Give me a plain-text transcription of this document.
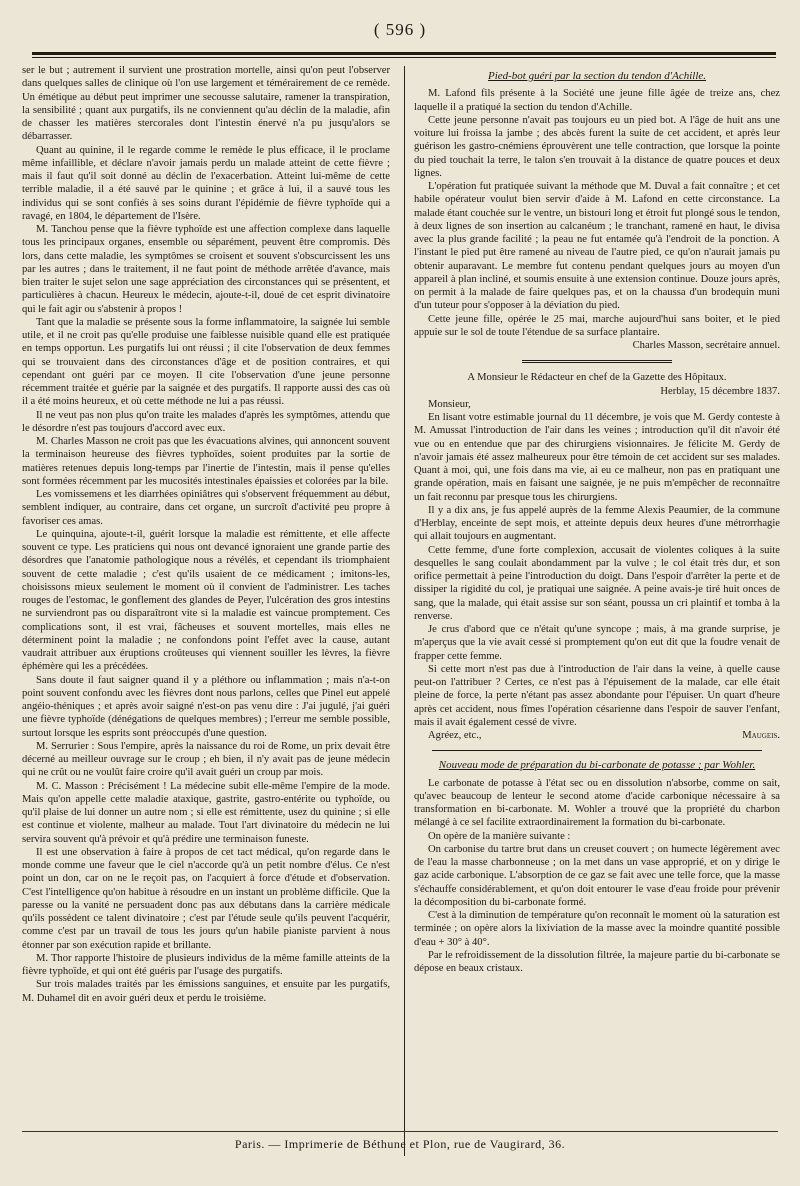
( 596 )

ser le but ; autrement il survient une prostration mortelle, ainsi qu'on peut l'observer dans quelques salles de clinique où l'on use largement et témérairement de ce remède. Un émétique au début peut imprimer une secousse salutaire, ramener la transpiration, la sensibilité ; quant aux purgatifs, ils ne conviennent qu'au déclin de la maladie, afin de chasser les matières stercorales dont l'intestin énervé n'a pu jusqu'alors se débarrasser.

Quant au quinine, il le regarde comme le remède le plus efficace, il le proclame même infaillible, et déclare n'avoir jamais perdu un malade atteint de cette fièvre ; mais il faut qu'il soit donné au déclin de l'exacerbation. Atteint lui-même de cette terrible maladie, il a été sauvé par le quinine ; et grâce à lui, il a sauvé tous les individus qui se sont confiés à ses soins durant l'épidémie de fièvre typhoïde qui a ravagé, en 1804, le département de l'Isère.

M. Tanchou pense que la fièvre typhoïde est une affection complexe dans laquelle tous les principaux organes, ensemble ou séparément, peuvent être compromis. Dès lors, dans cette maladie, les symptômes se croisent et souvent s'obscurcissent les uns par les autres ; dans le traitement, il ne faut point de méthode arrêtée d'avance, mais bien traiter le sujet selon une sage appréciation des circonstances qui se présentent, et particulières à chacun. Heureux le médecin, ajoute-t-il, doué de cet esprit divinatoire qui le fait agir ou s'abstenir à propos !

Tant que la maladie se présente sous la forme inflammatoire, la saignée lui semble utile, et il ne croit pas qu'elle produise une faiblesse nuisible quand elle est pratiquée en temps opportun. Les purgatifs lui ont réussi ; il cite l'observation de deux femmes qui se trouvaient dans des circonstances d'âge et de position contraires, et qui cependant ont guéri par ce moyen. Il cite l'observation d'une jeune personne récemment traitée et guérie par la saignée et des purgatifs. Il rapporte aussi des cas où il a été moins heureux, et où cette méthode ne lui a pas réussi.

Il ne veut pas non plus qu'on traite les malades d'après les symptômes, attendu que le désordre n'est pas toujours d'accord avec eux.

M. Charles Masson ne croit pas que les évacuations alvines, qui annoncent souvent la terminaison heureuse des fièvres typhoïdes, soient produites par la sortie de matières retenues depuis long-temps par l'inertie de l'intestin, mais il pense qu'elles sont formées récemment par les mucosités intestinales épaissies et colorées par la bile.

Les vomissemens et les diarrhées opiniâtres qui s'observent fréquemment au début, semblent indiquer, au contraire, dans cet organe, un surcroît d'activité peu propre à favoriser ces amas.

Le quinquina, ajoute-t-il, guérit lorsque la maladie est rémittente, et elle affecte souvent ce type. Les praticiens qui nous ont devancé ignoraient une grande partie des désordres que l'anatomie pathologique nous a révélés, et cependant ils triomphaient souvent de cette maladie ; c'est qu'ils usaient de ce médicament ; imitons-les, choisissons mieux seulement le moment où il convient de l'administrer. Les taches rouges de l'estomac, le gonflement des glandes de Peyer, l'ulcération des gros intestins ne surviendront pas ou disparaîtront vite si la maladie est vaincue promptement. Ces complications sont, il est vrai, fâcheuses et souvent mortelles, mais elles ne déterminent point la maladie ; ne confondons point l'effet avec la cause, autant vaudrait attribuer aux éruptions croûteuses qui viennent souiller les lèvres, la fièvre éphémère qui les a précédées.

Sans doute il faut saigner quand il y a pléthore ou inflammation ; mais n'a-t-on point souvent confondu avec les fièvres dont nous parlons, celles que Pinel eut appelé angéio-théniques ; et après avoir saigné n'est-on pas venu dire : J'ai jugulé, j'ai guéri une fièvre typhoïde (dénégations de quelques membres) ; l'erreur me semble possible, surtout lorsque les esprits sont préoccupés d'une question.

M. Serrurier : Sous l'empire, après la naissance du roi de Rome, un prix devait être décerné au meilleur ouvrage sur le croup ; eh bien, il n'y avait pas de jeune médecin qui ne crût ou ne voulût faire croire qu'il avait guéri un croup par mois.

M. C. Masson : Précisément ! La médecine subit elle-même l'empire de la mode. Mais qu'on appelle cette maladie ataxique, gastrite, gastro-entérite ou typhoïde, ou qu'il plaise de lui donner un autre nom ; si elle est rémittente, usez du quinine ; si elle est continue et violente, malheur au malade. Tout l'art divinatoire du médecin ne lui servira souvent qu'à prévoir et qu'à prédire une terminaison funeste.

Il est une observation à faire à propos de cet tact médical, qu'on regarde dans le monde comme une faveur que le ciel n'accorde qu'à un petit nombre d'élus. Ce n'est point un don, car on ne le reçoit pas, on l'acquiert à force d'étude et d'observation. C'est l'intelligence qu'on habitue à résoudre en un instant un problème difficile. Que la paresse ou la vanité ne persuadent donc pas aux débutans dans la carrière médicale qu'ils possèdent ce talent divinatoire ; c'est par l'étude seule qu'ils peuvent l'acquérir, comme c'est par un travail de tous les jours qu'un habile pianiste parvient à nous étonner par son exécution rapide et brillante.

M. Thor rapporte l'histoire de plusieurs individus de la même famille atteints de la fièvre typhoïde, et qui ont été guéris par l'usage des purgatifs.

Sur trois malades traités par les émissions sanguines, et ensuite par les purgatifs, M. Duhamel dit en avoir guéri deux et perdu le troisième.

Pied-bot guéri par la section du tendon d'Achille.

M. Lafond fils présente à la Société une jeune fille âgée de treize ans, chez laquelle il a pratiqué la section du tendon d'Achille.

Cette jeune personne n'avait pas toujours eu un pied bot. A l'âge de huit ans une voiture lui froissa la jambe ; des abcès furent la suite de cet accident, et après leur guérison les gastro-cnémiens éprouvèrent une telle contraction, que lorsque la pointe du pied touchait la terre, le talon s'en trouvait à la distance de quatre pouces et deux lignes.

L'opération fut pratiquée suivant la méthode que M. Duval a fait connaître ; et cet habile opérateur voulut bien servir d'aide à M. Lafond en cette circonstance. La malade étant couchée sur le ventre, un bistouri long et étroit fut plongé sous le tendon, à deux lignes de son insertion au calcanéum ; le tranchant, ramené en haut, le divisa avec la plus grande facilité ; la peau ne fut entamée qu'à l'endroit de la ponction. A l'instant le pied put être ramené au niveau de l'autre pied, ce qu'on n'aurait jamais pu obtenir auparavant. Le membre fut contenu pendant quelques jours au moyen d'un appareil à plan incliné, et soumis ensuite à une extension continue. Douze jours après, on permit à la malade de faire quelques pas, et on la chaussa d'un brodequin muni d'un tuteur pour s'opposer à la déviation du pied.

Cette jeune fille, opérée le 25 mai, marche aujourd'hui sans boiter, et le pied appuie sur le sol de toute l'étendue de sa surface plantaire.

Charles Masson, secrétaire annuel.

A Monsieur le Rédacteur en chef de la Gazette des Hôpitaux.

Herblay, 15 décembre 1837.

Monsieur,

En lisant votre estimable journal du 11 décembre, je vois que M. Gerdy conteste à M. Amussat l'introduction de l'air dans les veines ; introduction qu'il dit n'avoir été vue ou en entendue que par des chirurgiens visionnaires. Je félicite M. Gerdy de n'avoir jamais été assez malheureux pour être témoin de cet accident sur ses malades. Quant à moi, qui, une fois dans ma vie, ai eu ce malheur, non pas en pratiquant une grande opération, mais en faisant une saignée, je ne puis m'empêcher de reconnaître un fait reconnu par presque tous les chirurgiens.

Il y a dix ans, je fus appelé auprès de la femme Alexis Peaumier, de la commune d'Herblay, enceinte de sept mois, et atteinte depuis deux heures d'une métrorrhagie qui allait toujours en augmentant.

Cette femme, d'une forte complexion, accusait de violentes coliques à la suite desquelles le sang coulait abondamment par la vulve ; le col était très dur, et son orifice permettait à peine l'introduction du doigt. Dans l'espoir d'arrêter la perte et de dissiper la rigidité du col, je pratiquai une saignée. A peine avais-je tiré huit onces de sang, que la malade, qui était assise sur son séant, poussa un cri plaintif et tomba à la renverse.

Je crus d'abord que ce n'était qu'une syncope ; mais, à ma grande surprise, je m'aperçus que la vie avait cessé si promptement qu'on eut dit que la foudre venait de frapper cette femme.

Si cette mort n'est pas due à l'introduction de l'air dans la veine, à quelle cause peut-on l'attribuer ? Certes, ce n'est pas à l'épuisement de la malade, car elle était pleine de force, la perte n'étant pas assez abondante pour l'épuiser. Un quart d'heure après cet accident, nous fîmes l'opération césarienne dans l'espoir de sauver l'enfant, mais il avait également cessé de vivre.

Agréez, etc.,	Maugeis.

Nouveau mode de préparation du bi-carbonate de potasse ; par Wohler.

Le carbonate de potasse à l'état sec ou en dissolution n'absorbe, comme on sait, qu'avec beaucoup de lenteur le second atome d'acide carbonique nécessaire à sa transformation en bi-carbonate. M. Wohler a trouvé que la propriété du charbon mélangé à ce sel facilite extraordinairement la formation du bi-carbonate.

On opère de la manière suivante :

On carbonise du tartre brut dans un creuset couvert ; on humecte légèrement avec de l'eau la masse charbonneuse ; on la met dans un vase approprié, et on y dirige le gaz acide carbonique. L'absorption de ce gaz se fait avec une telle force, que la masse s'échauffe considérablement, et qu'on doit entourer le vase d'eau froide pour prévenir la décomposition du bi-carbonate formé.

C'est à la diminution de température qu'on reconnaît le moment où la saturation est terminée ; on opère alors la lixiviation de la masse avec la moindre quantité possible d'eau + 30° à 40°.

Par le refroidissement de la dissolution filtrée, la majeure partie du bi-carbonate se dépose en beaux cristaux.

Paris. — Imprimerie de Béthune et Plon, rue de Vaugirard, 36.
